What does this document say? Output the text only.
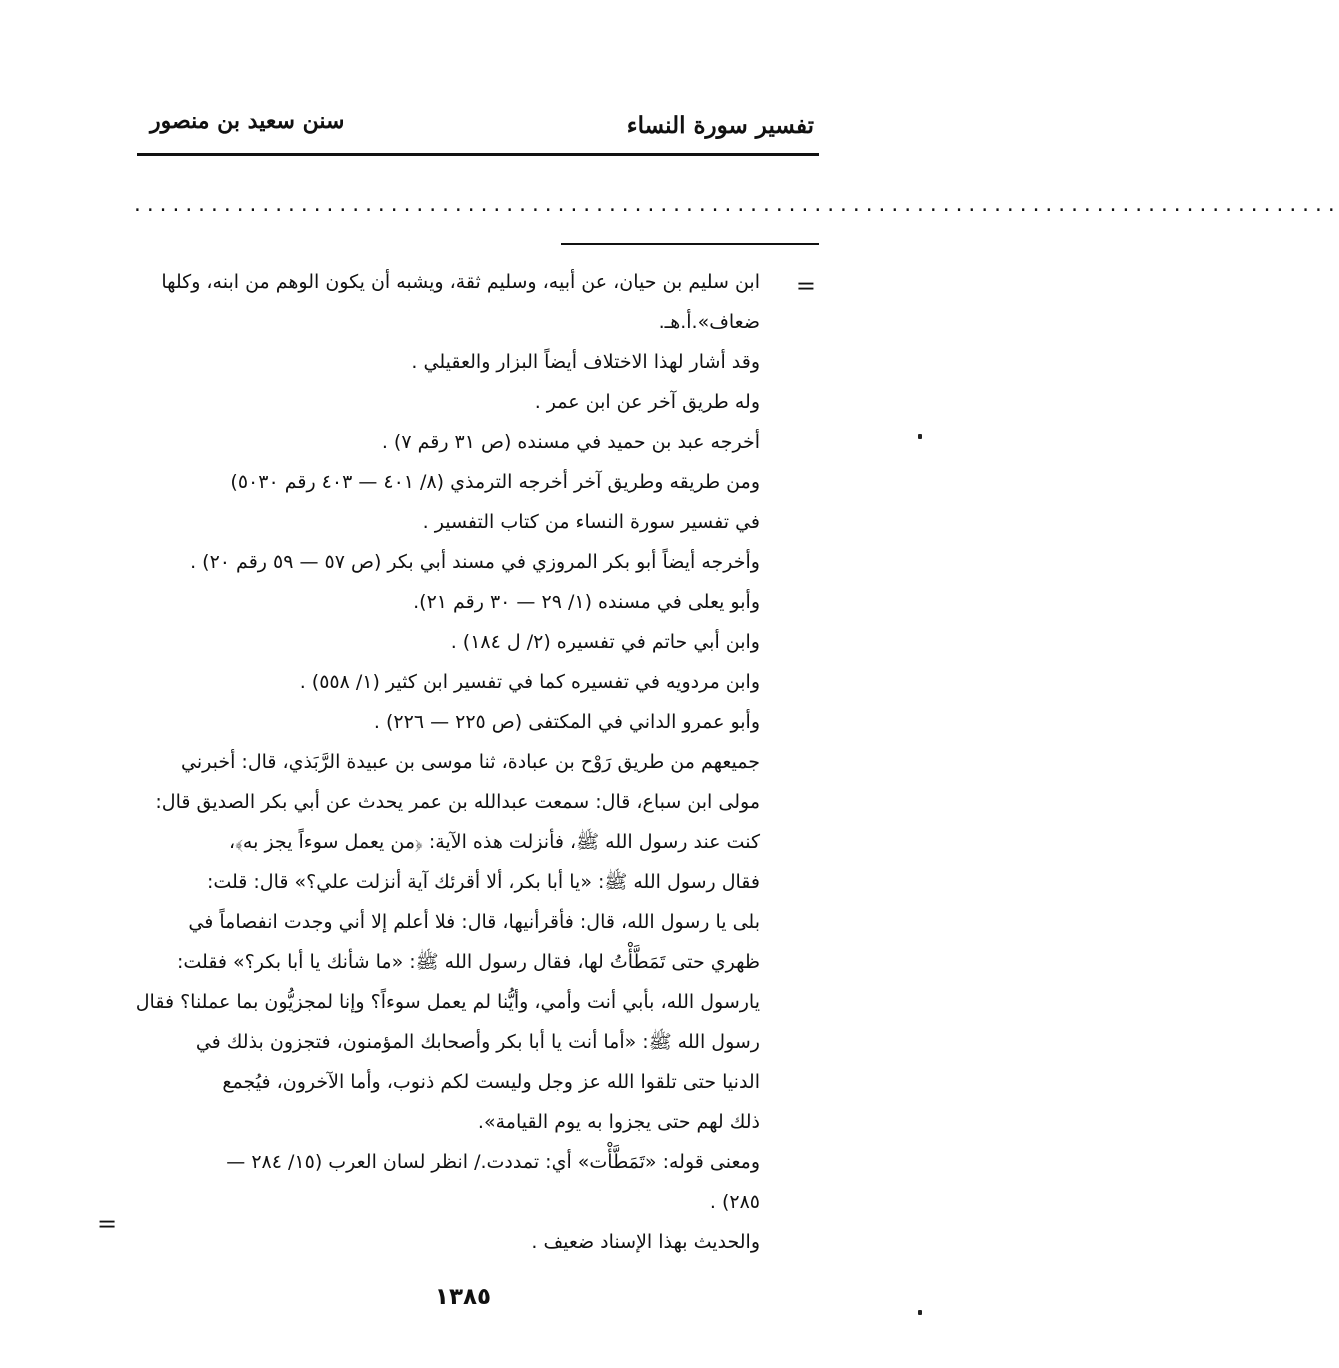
تفسير سورة النساء
سنن سعيد بن منصور
..............................................................................................
=
=

ابن سليم بن حيان، عن أبيه، وسليم ثقة، ويشبه أن يكون الوهم من ابنه، وكلها

ضعاف».أ.هـ.

وقد أشار لهذا الاختلاف أيضاً البزار والعقيلي .

وله طريق آخر عن ابن عمر .

أخرجه عبد بن حميد في مسنده (ص ٣١ رقم ٧) .

ومن طريقه وطريق آخر أخرجه الترمذي (٨/ ٤٠١ — ٤٠٣ رقم ٥٠٣٠)

في تفسير سورة النساء من كتاب التفسير .

وأخرجه أيضاً أبو بكر المروزي في مسند أبي بكر (ص ٥٧ — ٥٩ رقم ٢٠) .

وأبو يعلى في مسنده (١/ ٢٩ — ٣٠ رقم ٢١).

وابن أبي حاتم في تفسيره (٢/ ل ١٨٤) .

وابن مردويه في تفسيره كما في تفسير ابن كثير (١/ ٥٥٨) .

وأبو عمرو الداني في المكتفى (ص ٢٢٥ — ٢٢٦) .

جميعهم من طريق رَوْح بن عبادة، ثنا موسى بن عبيدة الرَّبَذي، قال: أخبرني

مولى ابن سباع، قال: سمعت عبدالله بن عمر يحدث عن أبي بكر الصديق قال:

كنت عند رسول الله ﷺ، فأنزلت هذه الآية: ﴿من يعمل سوءاً يجز به﴾،

فقال رسول الله ﷺ: «يا أبا بكر، ألا أقرئك آية أنزلت علي؟» قال: قلت:

بلى يا رسول الله، قال: فأقرأنيها، قال: فلا أعلم إلا أني وجدت انفصاماً في

ظهري حتى تَمَطَّأْتُ لها، فقال رسول الله ﷺ: «ما شأنك يا أبا بكر؟» فقلت:

يارسول الله، بأبي أنت وأمي، وأيُّنا لم يعمل سوءاً؟ وإنا لمجزيُّون بما عملنا؟ فقال

رسول الله ﷺ: «أما أنت يا أبا بكر وأصحابك المؤمنون، فتجزون بذلك في

الدنيا حتى تلقوا الله عز وجل وليست لكم ذنوب، وأما الآخرون، فيُجمع

ذلك لهم حتى يجزوا به يوم القيامة».

ومعنى قوله: «تَمَطَّأْت» أي: تمددت./ انظر لسان العرب (١٥/ ٢٨٤ —

٢٨٥) .

والحديث بهذا الإسناد ضعيف .

١٣٨٥
